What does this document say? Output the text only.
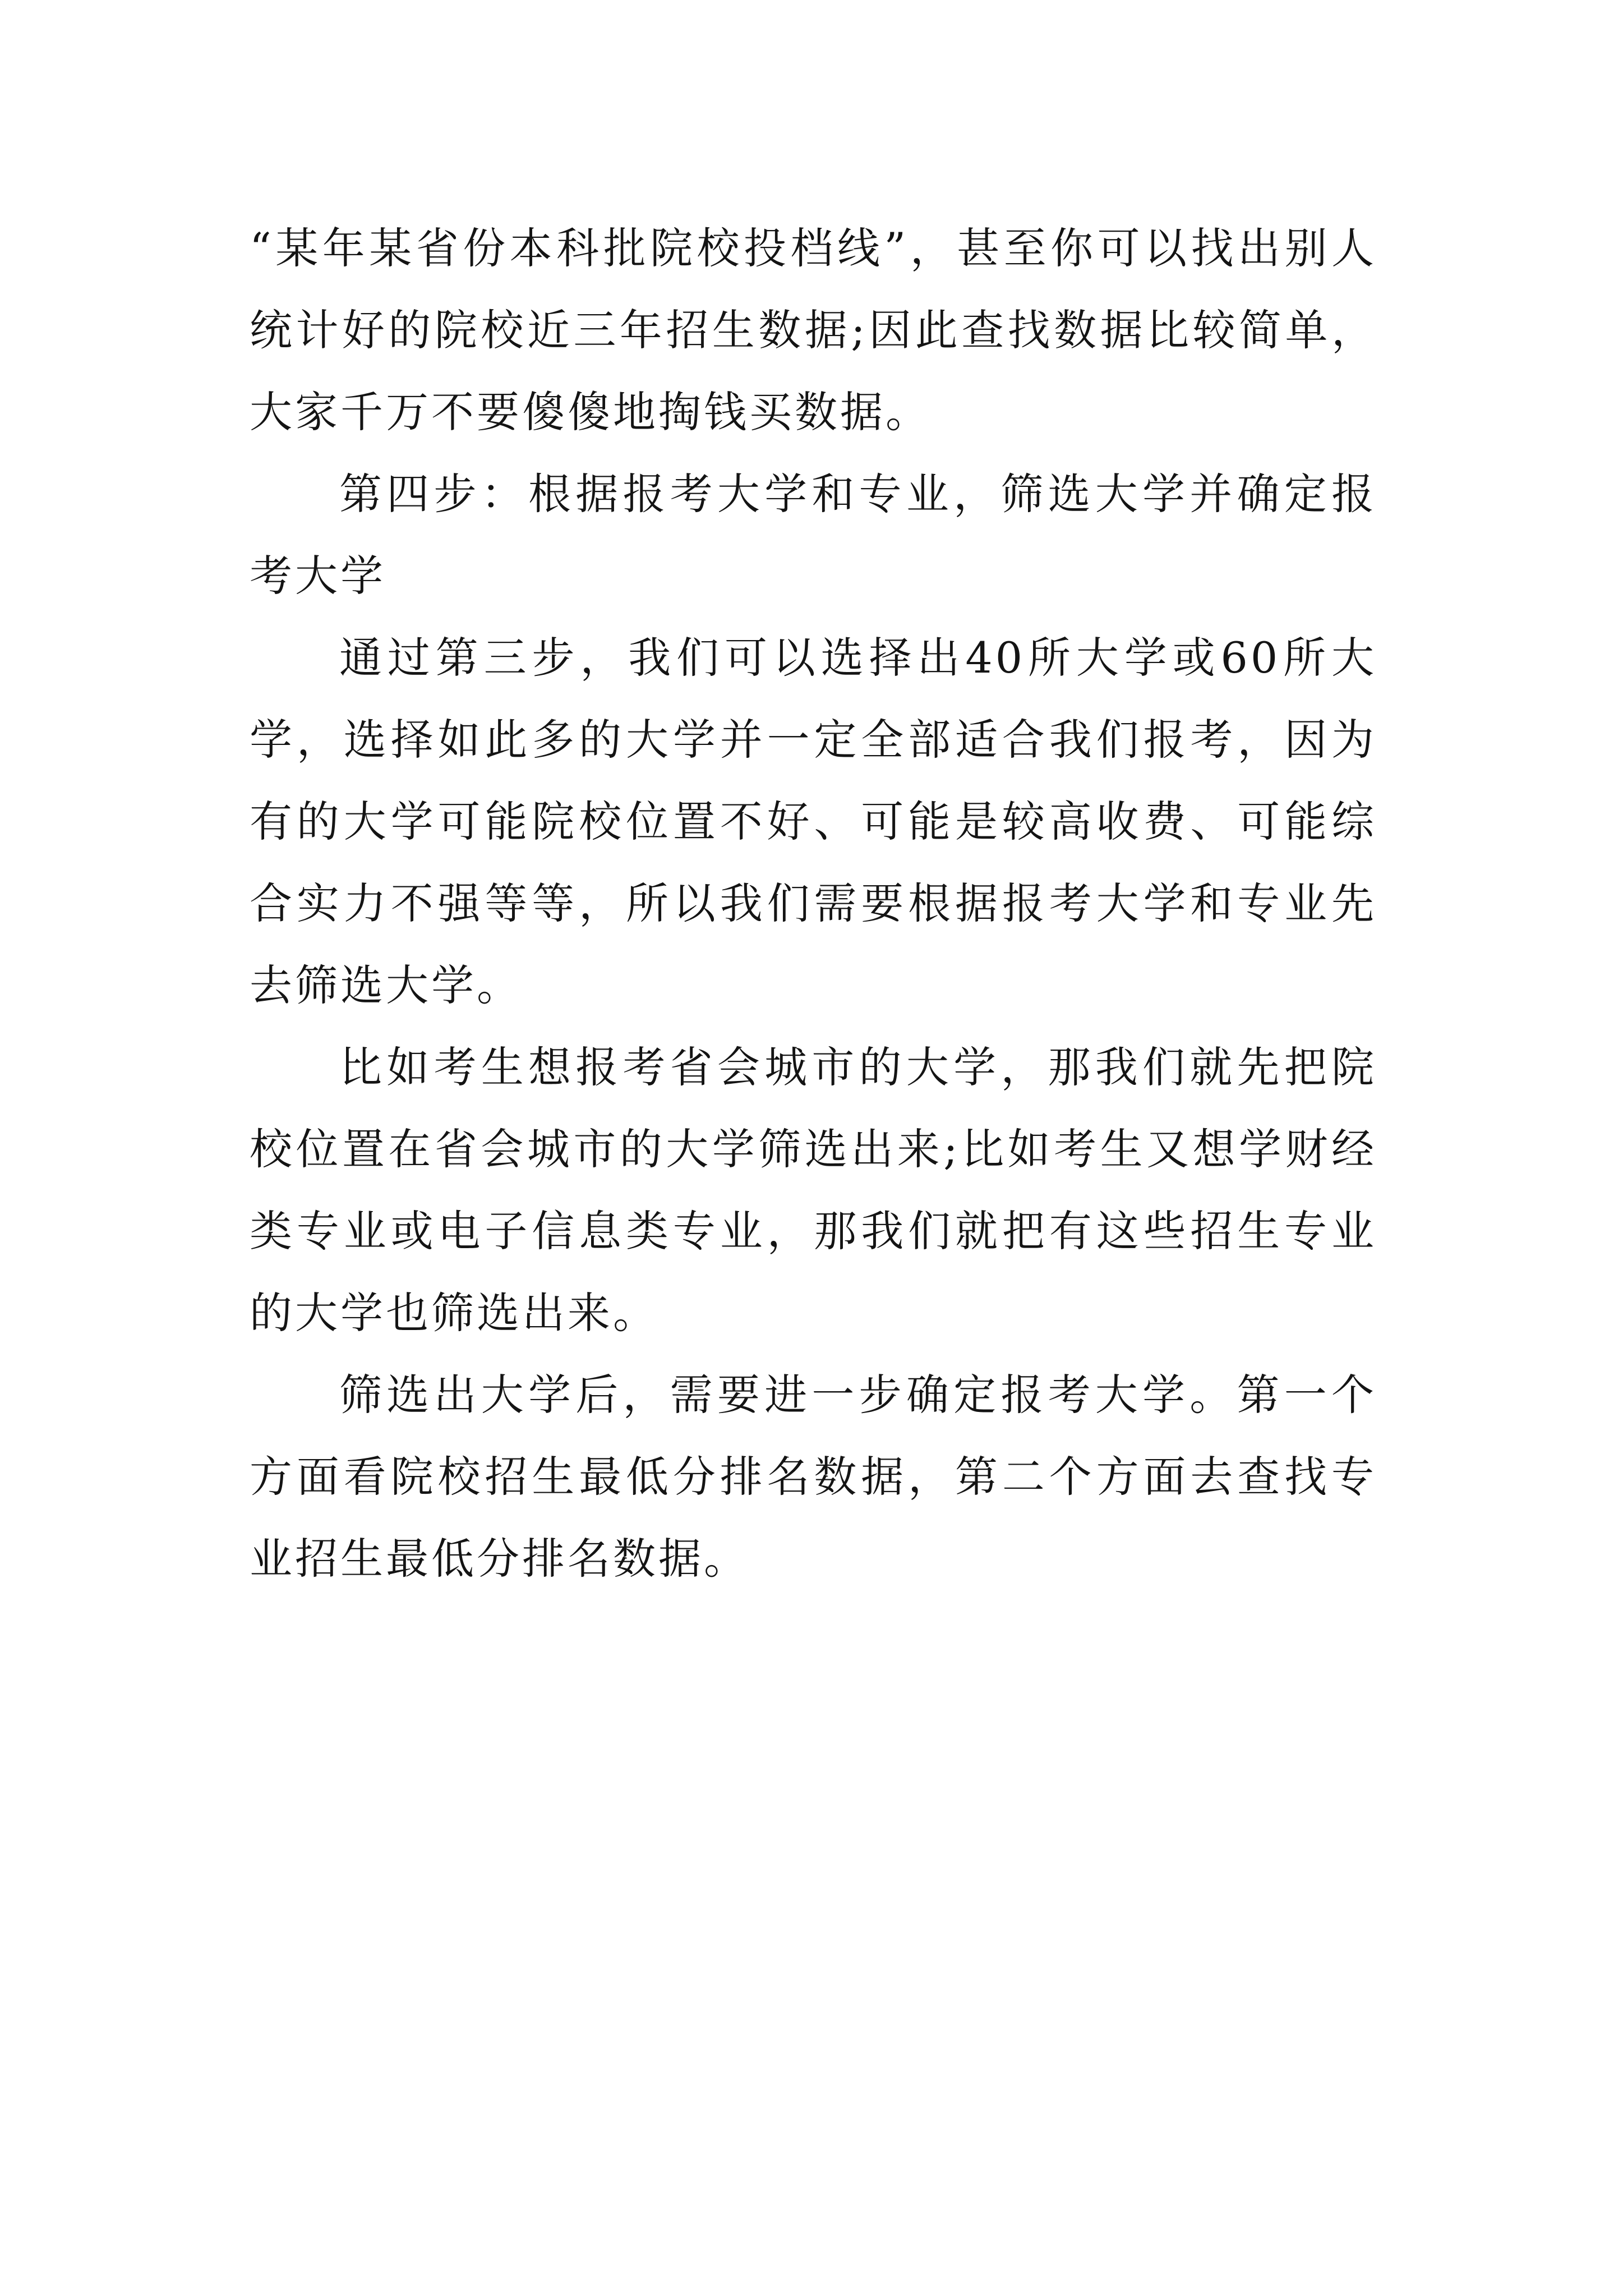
“某年某省份本科批院校投档线”，甚至你可以找出别人统计好的院校近三年招生数据;因此查找数据比较简单，大家千万不要傻傻地掏钱买数据。

第四步：根据报考大学和专业，筛选大学并确定报考大学

通过第三步，我们可以选择出40所大学或60所大学，选择如此多的大学并一定全部适合我们报考，因为有的大学可能院校位置不好、可能是较高收费、可能综合实力不强等等，所以我们需要根据报考大学和专业先去筛选大学。

比如考生想报考省会城市的大学，那我们就先把院校位置在省会城市的大学筛选出来;比如考生又想学财经类专业或电子信息类专业，那我们就把有这些招生专业的大学也筛选出来。

筛选出大学后，需要进一步确定报考大学。第一个方面看院校招生最低分排名数据，第二个方面去查找专业招生最低分排名数据。
